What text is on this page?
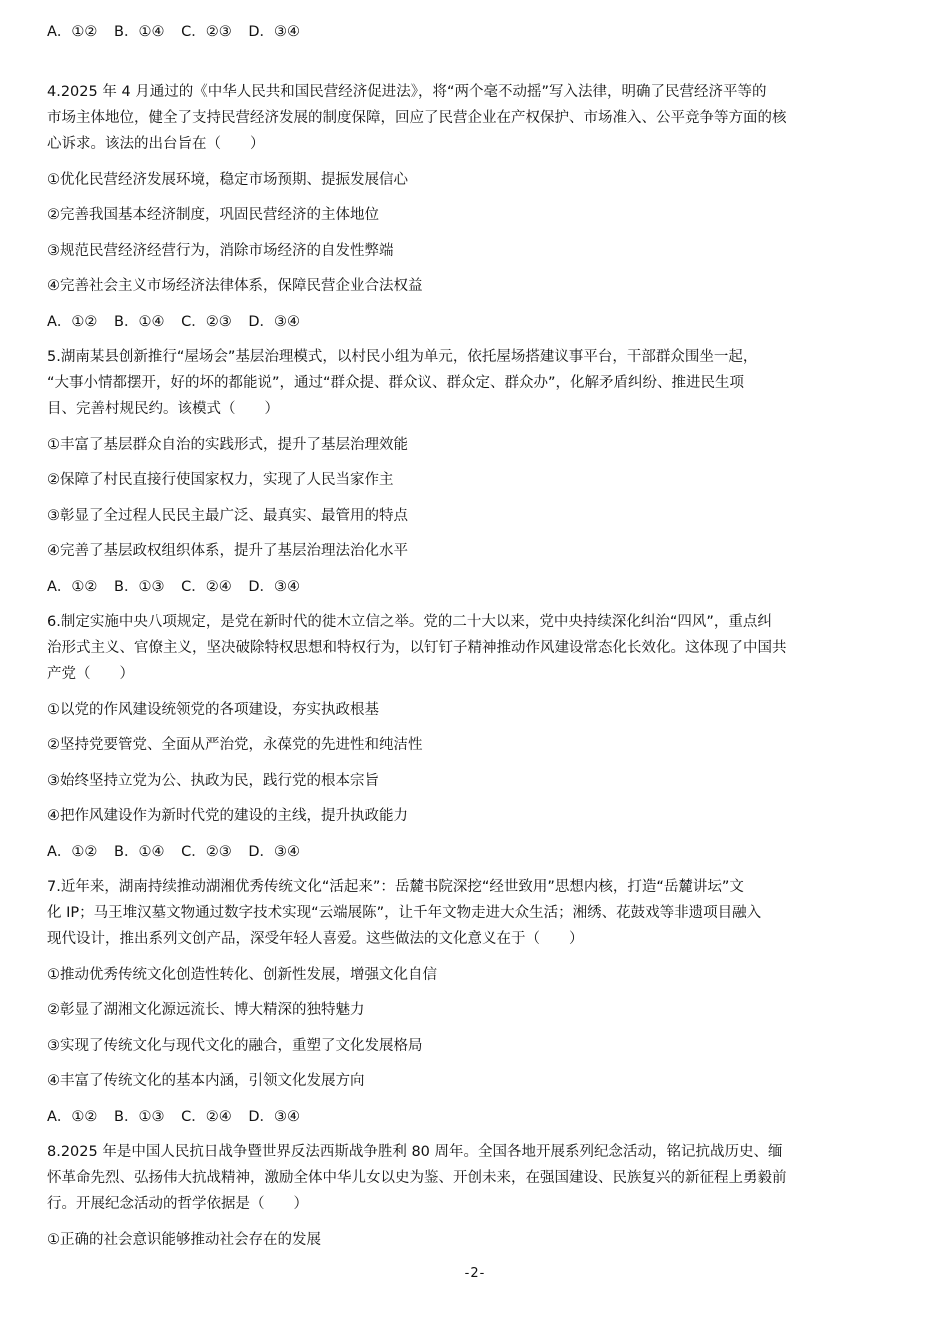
A．①② B．①④ C．②③ D．③④
4.2025 年 4 月通过的《中华人民共和国民营经济促进法》，将“两个毫不动摇”写入法律，明确了民营经济平等的
市场主体地位，健全了支持民营经济发展的制度保障，回应了民营企业在产权保护、市场准入、公平竞争等方面的核
心诉求。该法的出台旨在（　　）
①优化民营经济发展环境，稳定市场预期、提振发展信心
②完善我国基本经济制度，巩固民营经济的主体地位
③规范民营经济经营行为，消除市场经济的自发性弊端
④完善社会主义市场经济法律体系，保障民营企业合法权益
A．①② B．①④ C．②③ D．③④
5.湖南某县创新推行“屋场会”基层治理模式，以村民小组为单元，依托屋场搭建议事平台，干部群众围坐一起，
“大事小情都摆开，好的坏的都能说”，通过“群众提、群众议、群众定、群众办”，化解矛盾纠纷、推进民生项
目、完善村规民约。该模式（　　）
①丰富了基层群众自治的实践形式，提升了基层治理效能
②保障了村民直接行使国家权力，实现了人民当家作主
③彰显了全过程人民民主最广泛、最真实、最管用的特点
④完善了基层政权组织体系，提升了基层治理法治化水平
A．①② B．①③ C．②④ D．③④
6.制定实施中央八项规定，是党在新时代的徙木立信之举。党的二十大以来，党中央持续深化纠治“四风”，重点纠
治形式主义、官僚主义，坚决破除特权思想和特权行为，以钉钉子精神推动作风建设常态化长效化。这体现了中国共
产党（　　）
①以党的作风建设统领党的各项建设，夯实执政根基
②坚持党要管党、全面从严治党，永葆党的先进性和纯洁性
③始终坚持立党为公、执政为民，践行党的根本宗旨
④把作风建设作为新时代党的建设的主线，提升执政能力
A．①② B．①④ C．②③ D．③④
7.近年来，湖南持续推动湖湘优秀传统文化“活起来”：岳麓书院深挖“经世致用”思想内核，打造“岳麓讲坛”文
化 IP；马王堆汉墓文物通过数字技术实现“云端展陈”，让千年文物走进大众生活；湘绣、花鼓戏等非遗项目融入
现代设计，推出系列文创产品，深受年轻人喜爱。这些做法的文化意义在于（　　）
①推动优秀传统文化创造性转化、创新性发展，增强文化自信
②彰显了湖湘文化源远流长、博大精深的独特魅力
③实现了传统文化与现代文化的融合，重塑了文化发展格局
④丰富了传统文化的基本内涵，引领文化发展方向
A．①② B．①③ C．②④ D．③④
8.2025 年是中国人民抗日战争暨世界反法西斯战争胜利 80 周年。全国各地开展系列纪念活动，铭记抗战历史、缅
怀革命先烈、弘扬伟大抗战精神，激励全体中华儿女以史为鉴、开创未来，在强国建设、民族复兴的新征程上勇毅前
行。开展纪念活动的哲学依据是（　　）
①正确的社会意识能够推动社会存在的发展
-2-
